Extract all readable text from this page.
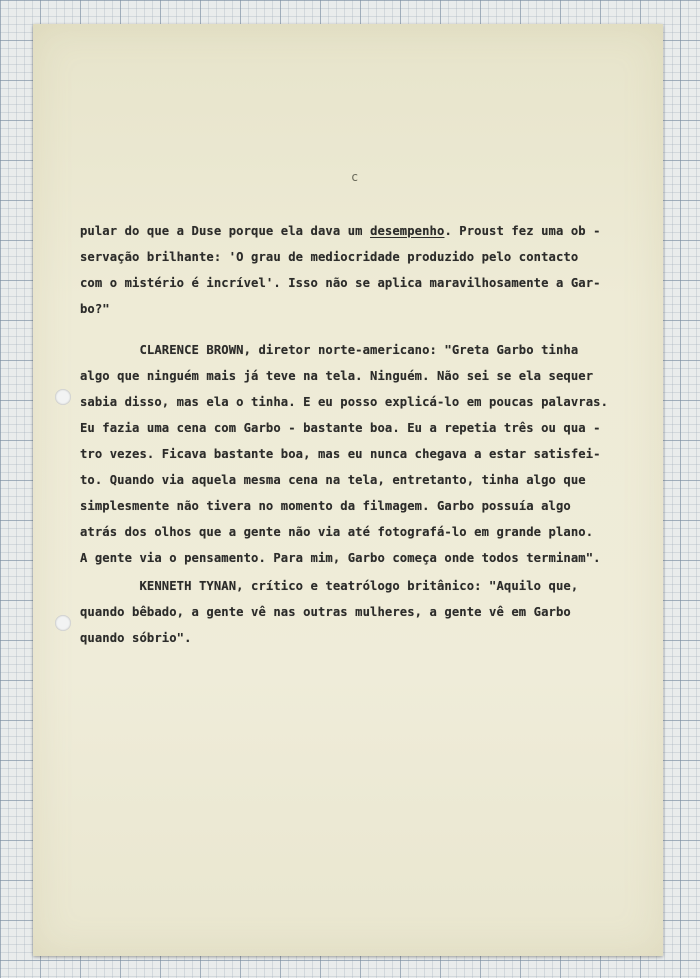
c
pular do que a Duse porque ela dava um desempenho. Proust fez uma ob -
servação brilhante: 'O grau de mediocridade produzido pelo contacto
com o mistério é incrível'. Isso não se aplica maravilhosamente a Gar-
bo?"
CLARENCE BROWN, diretor norte-americano: "Greta Garbo tinha
algo que ninguém mais já teve na tela. Ninguém. Não sei se ela sequer
sabia disso, mas ela o tinha. E eu posso explicá-lo em poucas palavras.
Eu fazia uma cena com Garbo - bastante boa. Eu a repetia três ou qua -
tro vezes. Ficava bastante boa, mas eu nunca chegava a estar satisfei-
to. Quando via aquela mesma cena na tela, entretanto, tinha algo que
simplesmente não tivera no momento da filmagem. Garbo possuía algo
atrás dos olhos que a gente não via até fotografá-lo em grande plano.
A gente via o pensamento. Para mim, Garbo começa onde todos terminam".
KENNETH TYNAN, crítico e teatrólogo britânico: "Aquilo que,
quando bêbado, a gente vê nas outras mulheres, a gente vê em Garbo
quando sóbrio".
